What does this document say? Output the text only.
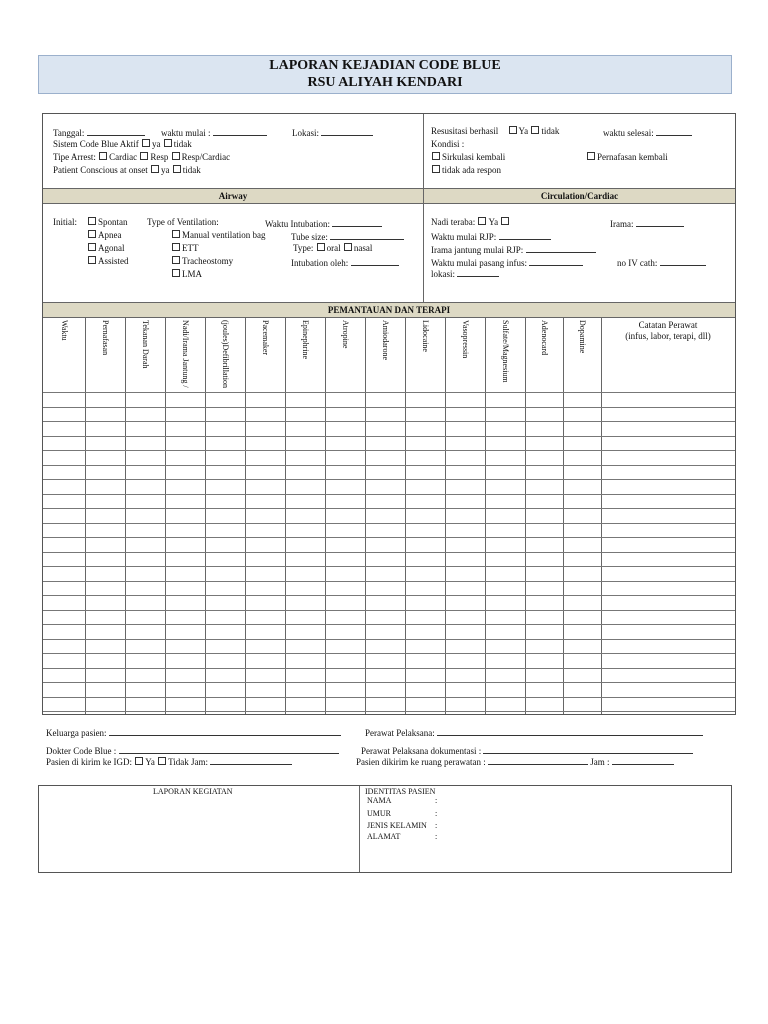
LAPORAN KEJADIAN CODE BLUE
RSU ALIYAH KENDARI
Tanggal:	waktu mulai :	Lokasi:
Sistem Code Blue Aktif ya tidak
Tipe Arrest: Cardiac Resp Resp/Cardiac
Patient Conscious at onset ya tidak
Resusitasi berhasil Ya tidak	waktu selesai:
Kondisi :
Sirkulasi kembali	Pernafasan kembali
tidak ada respon
Airway	Circulation/Cardiac
Initial:	Spontan
Apnea
Agonal
Assisted
Type of Ventilation:
Manual ventilation bag
ETT
Tracheostomy
LMA
Waktu Intubation:
Tube size:
Type: oral nasal
Intubation oleh:
Nadi teraba: Ya	Irama:
Waktu mulai RJP:
Irama jantung mulai RJP:
Waktu mulai pasang infus:	no IV cath:
lokasi:
PEMANTAUAN DAN TERAPI
Waktu	Pernafasan	Tekanan Darah	Nadi/Irama Jantung /	(joules)Defibrillation	Pacemaker	Epinephrine	Atropine	Amiodarone	Lidocaine	Vasopressin	Sulfate/Magnesium	Adenocard	Dopamine	Catatan Perawat
(infus, labor, terapi, dll)
Keluarga pasien:	Perawat Pelaksana:
Dokter Code Blue :	Perawat Pelaksana dokumentasi :
Pasien di kirim ke IGD: Ya Tidak Jam:	Pasien dikirim ke ruang perawatan :	Jam :
LAPORAN KEGIATAN	IDENTITAS PASIEN
NAMA	:
UMUR	:
JENIS KELAMIN :
ALAMAT	:
